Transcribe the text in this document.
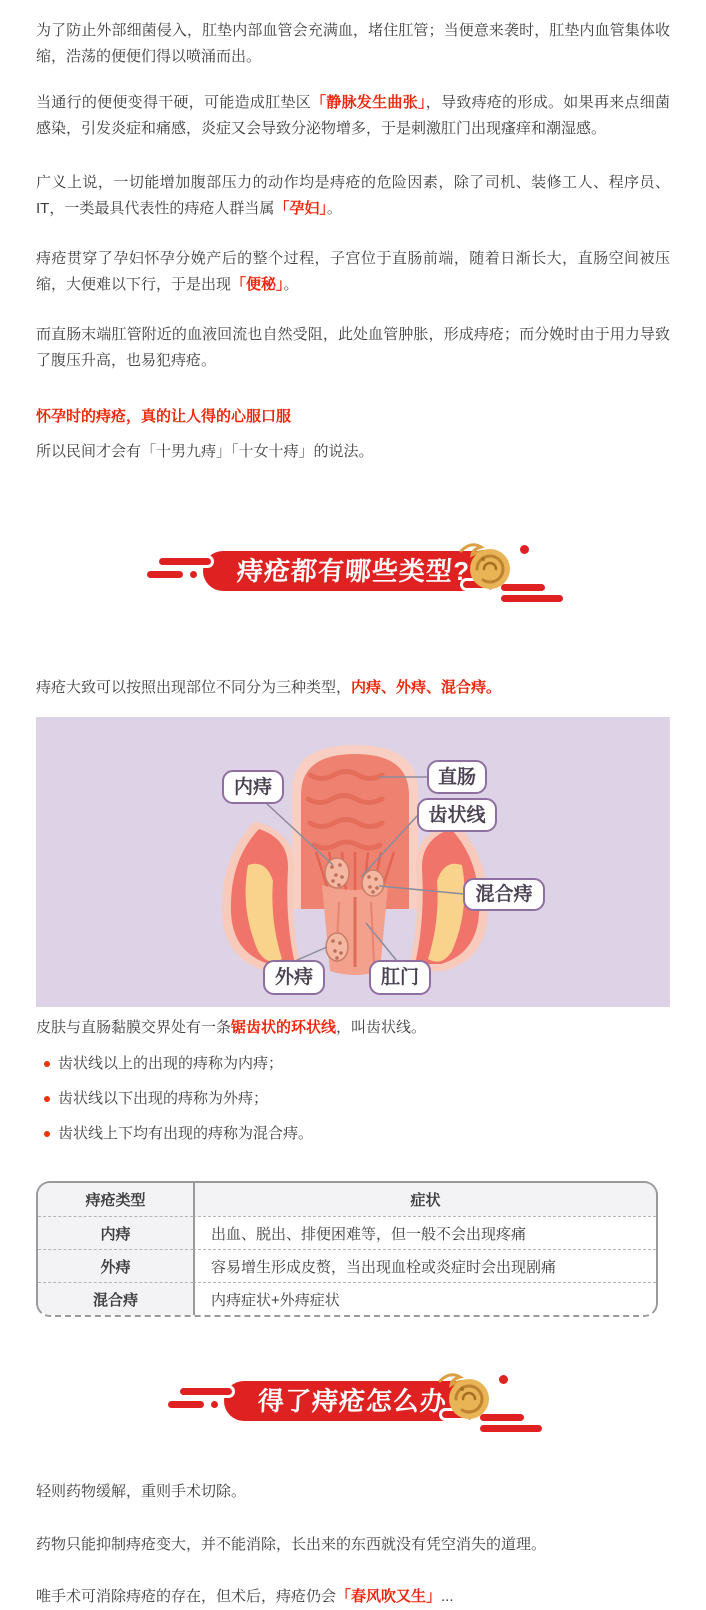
为了防止外部细菌侵入，肛垫内部血管会充满血，堵住肛管；当便意来袭时，肛垫内血管集体收缩，浩荡的便便们得以喷涌而出。

当通行的便便变得干硬，可能造成肛垫区「静脉发生曲张」，导致痔疮的形成。如果再来点细菌感染，引发炎症和痛感，炎症又会导致分泌物增多，于是刺激肛门出现瘙痒和潮湿感。

广义上说，一切能增加腹部压力的动作均是痔疮的危险因素，除了司机、装修工人、程序员、IT，一类最具代表性的痔疮人群当属「孕妇」。

痔疮贯穿了孕妇怀孕分娩产后的整个过程，子宫位于直肠前端，随着日渐长大，直肠空间被压缩，大便难以下行，于是出现「便秘」。

而直肠末端肛管附近的血液回流也自然受阻，此处血管肿胀，形成痔疮；而分娩时由于用力导致了腹压升高，也易犯痔疮。

怀孕时的痔疮，真的让人得的心服口服

所以民间才会有「十男九痔」「十女十痔」的说法。

痔疮都有哪些类型?

痔疮大致可以按照出现部位不同分为三种类型，内痔、外痔、混合痔。

内痔	直肠
齿状线
混合痔
外痔	肛门

皮肤与直肠黏膜交界处有一条锯齿状的环状线，叫齿状线。

齿状线以上的出现的痔称为内痔；
齿状线以下出现的痔称为外痔；
齿状线上下均有出现的痔称为混合痔。
痔疮类型	症状
内痔	出血、脱出、排便困难等，但一般不会出现疼痛
外痔	容易增生形成皮赘，当出现血栓或炎症时会出现剧痛
混合痔	内痔症状+外痔症状
得了痔疮怎么办

轻则药物缓解，重则手术切除。

药物只能抑制痔疮变大，并不能消除，长出来的东西就没有凭空消失的道理。

唯手术可消除痔疮的存在，但术后，痔疮仍会「春风吹又生」...
